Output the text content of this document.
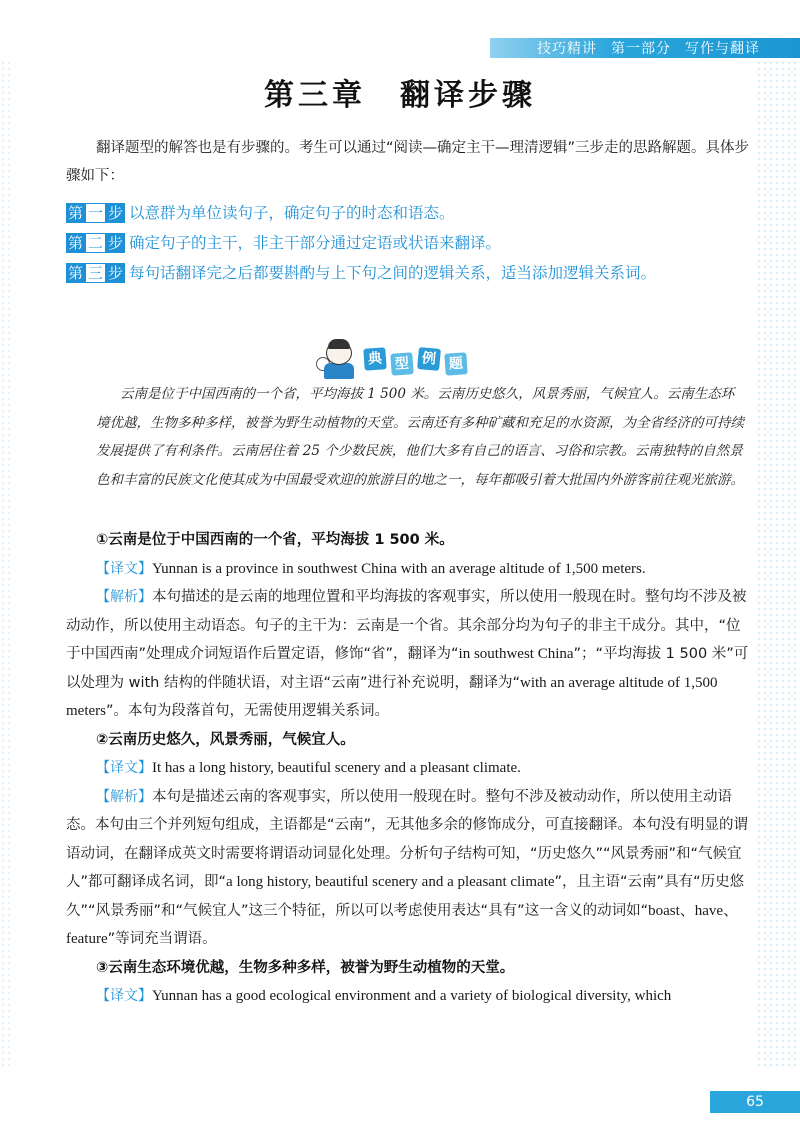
技巧精讲 第一部分 写作与翻译
第三章　翻译步骤

翻译题型的解答也是有步骤的。考生可以通过“阅读—确定主干—理清逻辑”三步走的思路解题。具体步骤如下：

第 一 步 以意群为单位读句子，确定句子的时态和语态。
第 二 步 确定句子的主干，非主干部分通过定语或状语来翻译。
第 三 步 每句话翻译完之后都要斟酌与上下句之间的逻辑关系，适当添加逻辑关系词。
典 型 例 题

云南是位于中国西南的一个省，平均海拔 1 500 米。云南历史悠久，风景秀丽，气候宜人。云南生态环境优越，生物多种多样，被誉为野生动植物的天堂。云南还有多种矿藏和充足的水资源，为全省经济的可持续发展提供了有利条件。云南居住着 25 个少数民族，他们大多有自己的语言、习俗和宗教。云南独特的自然景色和丰富的民族文化使其成为中国最受欢迎的旅游目的地之一，每年都吸引着大批国内外游客前往观光旅游。

①云南是位于中国西南的一个省，平均海拔 1 500 米。

【译文】Yunnan is a province in southwest China with an average altitude of 1,500 meters.

【解析】本句描述的是云南的地理位置和平均海拔的客观事实，所以使用一般现在时。整句均不涉及被动动作，所以使用主动语态。句子的主干为：云南是一个省。其余部分均为句子的非主干成分。其中，“位于中国西南”处理成介词短语作后置定语，修饰“省”，翻译为“in southwest China”；“平均海拔 1 500 米”可以处理为 with 结构的伴随状语，对主语“云南”进行补充说明，翻译为“with an average altitude of 1,500 meters”。本句为段落首句，无需使用逻辑关系词。

②云南历史悠久，风景秀丽，气候宜人。

【译文】It has a long history, beautiful scenery and a pleasant climate.

【解析】本句是描述云南的客观事实，所以使用一般现在时。整句不涉及被动动作，所以使用主动语态。本句由三个并列短句组成，主语都是“云南”，无其他多余的修饰成分，可直接翻译。本句没有明显的谓语动词，在翻译成英文时需要将谓语动词显化处理。分析句子结构可知，“历史悠久”“风景秀丽”和“气候宜人”都可翻译成名词，即“a long history, beautiful scenery and a pleasant climate”，且主语“云南”具有“历史悠久”“风景秀丽”和“气候宜人”这三个特征，所以可以考虑使用表达“具有”这一含义的动词如“boast、have、feature”等词充当谓语。

③云南生态环境优越，生物多种多样，被誉为野生动植物的天堂。

【译文】Yunnan has a good ecological environment and a variety of biological diversity, which

65
